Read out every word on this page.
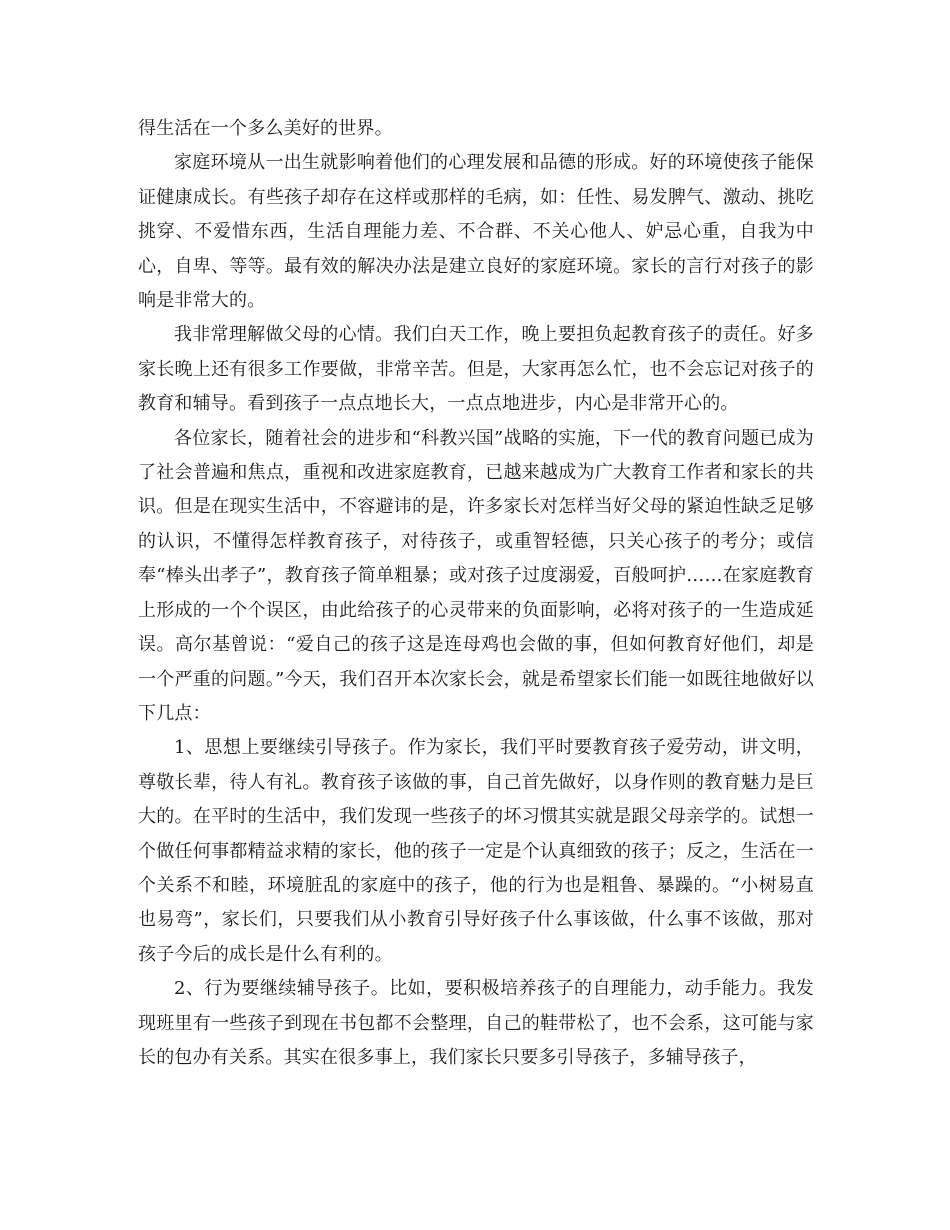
得生活在一个多么美好的世界。

家庭环境从一出生就影响着他们的心理发展和品德的形成。好的环境使孩子能保证健康成长。有些孩子却存在这样或那样的毛病，如：任性、易发脾气、激动、挑吃挑穿、不爱惜东西，生活自理能力差、不合群、不关心他人、妒忌心重，自我为中心，自卑、等等。最有效的解决办法是建立良好的家庭环境。家长的言行对孩子的影响是非常大的。

我非常理解做父母的心情。我们白天工作，晚上要担负起教育孩子的责任。好多家长晚上还有很多工作要做，非常辛苦。但是，大家再怎么忙，也不会忘记对孩子的教育和辅导。看到孩子一点点地长大，一点点地进步，内心是非常开心的。

各位家长，随着社会的进步和“科教兴国”战略的实施，下一代的教育问题已成为了社会普遍和焦点，重视和改进家庭教育，已越来越成为广大教育工作者和家长的共识。但是在现实生活中，不容避讳的是，许多家长对怎样当好父母的紧迫性缺乏足够的认识，不懂得怎样教育孩子，对待孩子，或重智轻德，只关心孩子的考分；或信奉“棒头出孝子”，教育孩子简单粗暴；或对孩子过度溺爱，百般呵护……在家庭教育上形成的一个个误区，由此给孩子的心灵带来的负面影响，必将对孩子的一生造成延误。高尔基曾说：“爱自己的孩子这是连母鸡也会做的事，但如何教育好他们，却是一个严重的问题。”今天，我们召开本次家长会，就是希望家长们能一如既往地做好以下几点：

1、思想上要继续引导孩子。作为家长，我们平时要教育孩子爱劳动，讲文明，尊敬长辈，待人有礼。教育孩子该做的事，自己首先做好，以身作则的教育魅力是巨大的。在平时的生活中，我们发现一些孩子的坏习惯其实就是跟父母亲学的。试想一个做任何事都精益求精的家长，他的孩子一定是个认真细致的孩子；反之，生活在一个关系不和睦，环境脏乱的家庭中的孩子，他的行为也是粗鲁、暴躁的。“小树易直也易弯”，家长们，只要我们从小教育引导好孩子什么事该做，什么事不该做，那对孩子今后的成长是什么有利的。

2、行为要继续辅导孩子。比如，要积极培养孩子的自理能力，动手能力。我发现班里有一些孩子到现在书包都不会整理，自己的鞋带松了，也不会系，这可能与家长的包办有关系。其实在很多事上，我们家长只要多引导孩子，多辅导孩子，
